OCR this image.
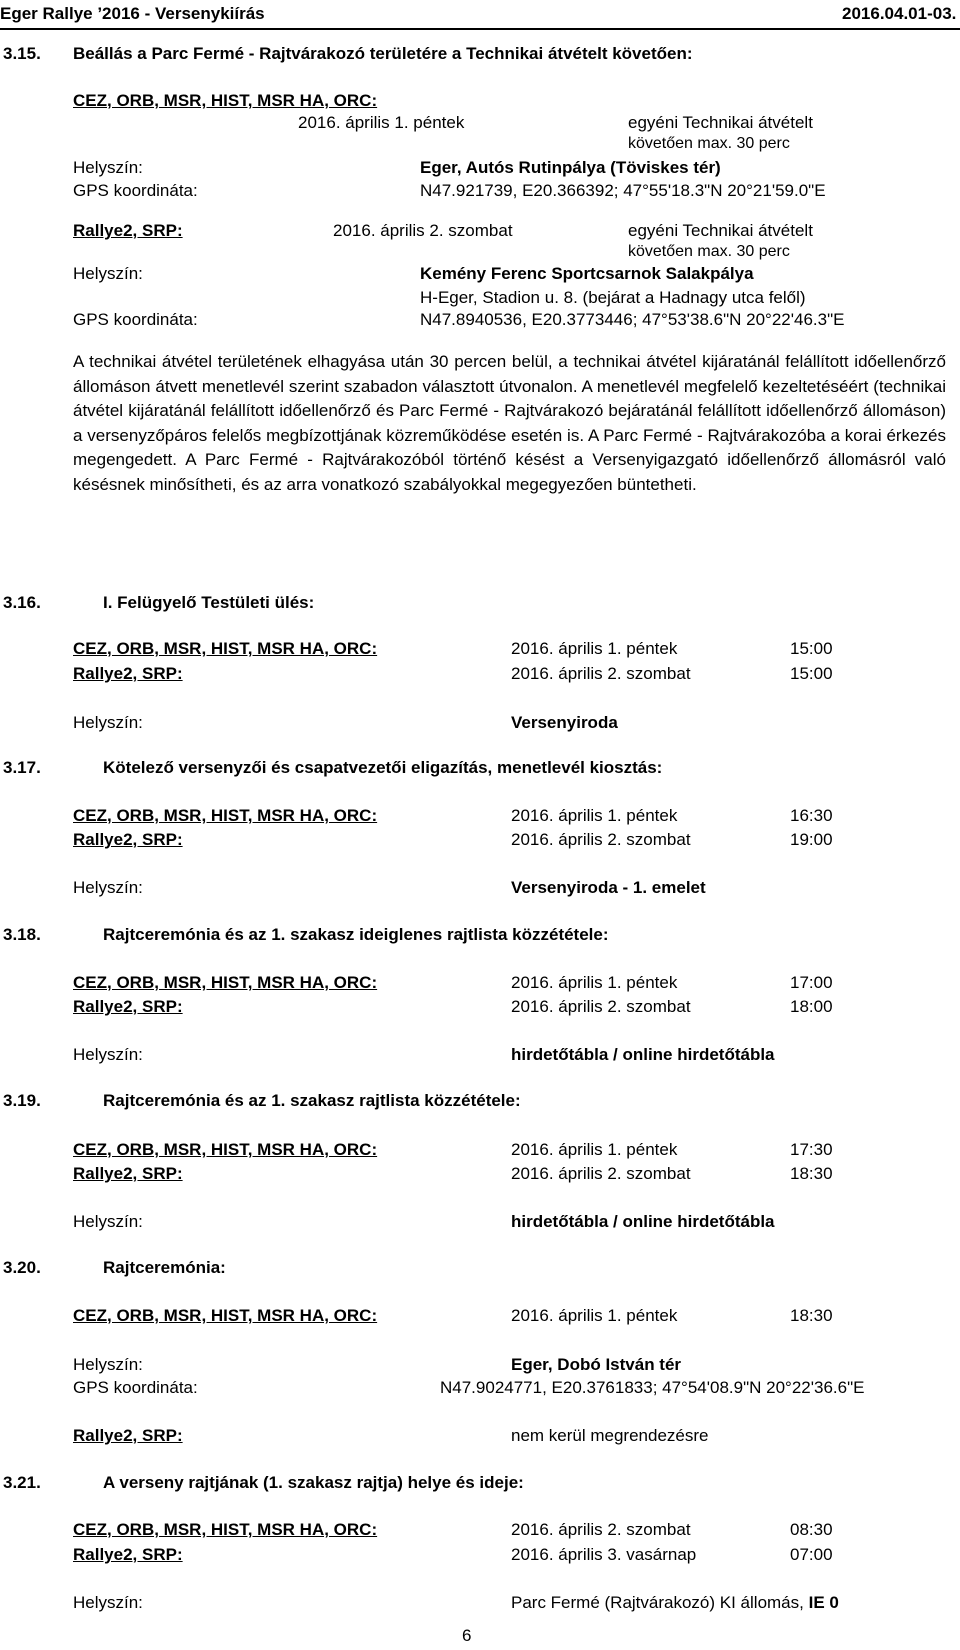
Eger Rallye ’2016 - Versenykiírás	2016.04.01-03.
3.15. Beállás a Parc Fermé - Rajtvárakozó területére a Technikai átvételt követően:
CEZ, ORB, MSR, HIST, MSR HA, ORC:
2016. április 1. péntek	egyéni Technikai átvételt
követően max. 30 perc
Helyszín:	Eger, Autós Rutinpálya (Töviskes tér)
GPS koordináta:	N47.921739, E20.366392; 47°55'18.3"N 20°21'59.0"E
Rallye2, SRP:	2016. április 2. szombat	egyéni Technikai átvételt
követően max. 30 perc
Helyszín:	Kemény Ferenc Sportcsarnok Salakpálya
H-Eger, Stadion u. 8. (bejárat a Hadnagy utca felől)
GPS koordináta:	N47.8940536, E20.3773446; 47°53'38.6"N 20°22'46.3"E
A technikai átvétel területének elhagyása után 30 percen belül, a technikai átvétel kijáratánál felállított időellenőrző állomáson átvett menetlevél szerint szabadon választott útvonalon. A menetlevél megfelelő kezeltetéséért (technikai átvétel kijáratánál felállított időellenőrző és Parc Fermé - Rajtvárakozó bejáratánál felállított időellenőrző állomáson) a versenyzőpáros felelős megbízottjának közreműködése esetén is. A Parc Fermé - Rajtvárakozóba a korai érkezés megengedett. A Parc Fermé - Rajtvárakozóból történő késést a Versenyigazgató időellenőrző állomásról való késésnek minősítheti, és az arra vonatkozó szabályokkal megegyezően büntetheti.
3.16.	I. Felügyelő Testületi ülés:
CEZ, ORB, MSR, HIST, MSR HA, ORC:	2016. április 1. péntek	15:00
Rallye2, SRP:	2016. április 2. szombat	15:00
Helyszín:	Versenyiroda
3.17.	Kötelező versenyzői és csapatvezetői eligazítás, menetlevél kiosztás:
CEZ, ORB, MSR, HIST, MSR HA, ORC:	2016. április 1. péntek	16:30
Rallye2, SRP:	2016. április 2. szombat	19:00
Helyszín:	Versenyiroda - 1. emelet
3.18.	Rajtceremónia és az 1. szakasz ideiglenes rajtlista közzététele:
CEZ, ORB, MSR, HIST, MSR HA, ORC:	2016. április 1. péntek	17:00
Rallye2, SRP:	2016. április 2. szombat	18:00
Helyszín:	hirdetőtábla / online hirdetőtábla
3.19.	Rajtceremónia és az 1. szakasz rajtlista közzététele:
CEZ, ORB, MSR, HIST, MSR HA, ORC:	2016. április 1. péntek	17:30
Rallye2, SRP:	2016. április 2. szombat	18:30
Helyszín:	hirdetőtábla / online hirdetőtábla
3.20.	Rajtceremónia:
CEZ, ORB, MSR, HIST, MSR HA, ORC:	2016. április 1. péntek	18:30
Helyszín:	Eger, Dobó István tér
GPS koordináta:	N47.9024771, E20.3761833; 47°54'08.9"N 20°22'36.6"E
Rallye2, SRP:	nem kerül megrendezésre
3.21.	A verseny rajtjának (1. szakasz rajtja) helye és ideje:
CEZ, ORB, MSR, HIST, MSR HA, ORC:	2016. április 2. szombat	08:30
Rallye2, SRP:	2016. április 3. vasárnap	07:00
Helyszín:	Parc Fermé (Rajtvárakozó) KI állomás, IE 0
6
